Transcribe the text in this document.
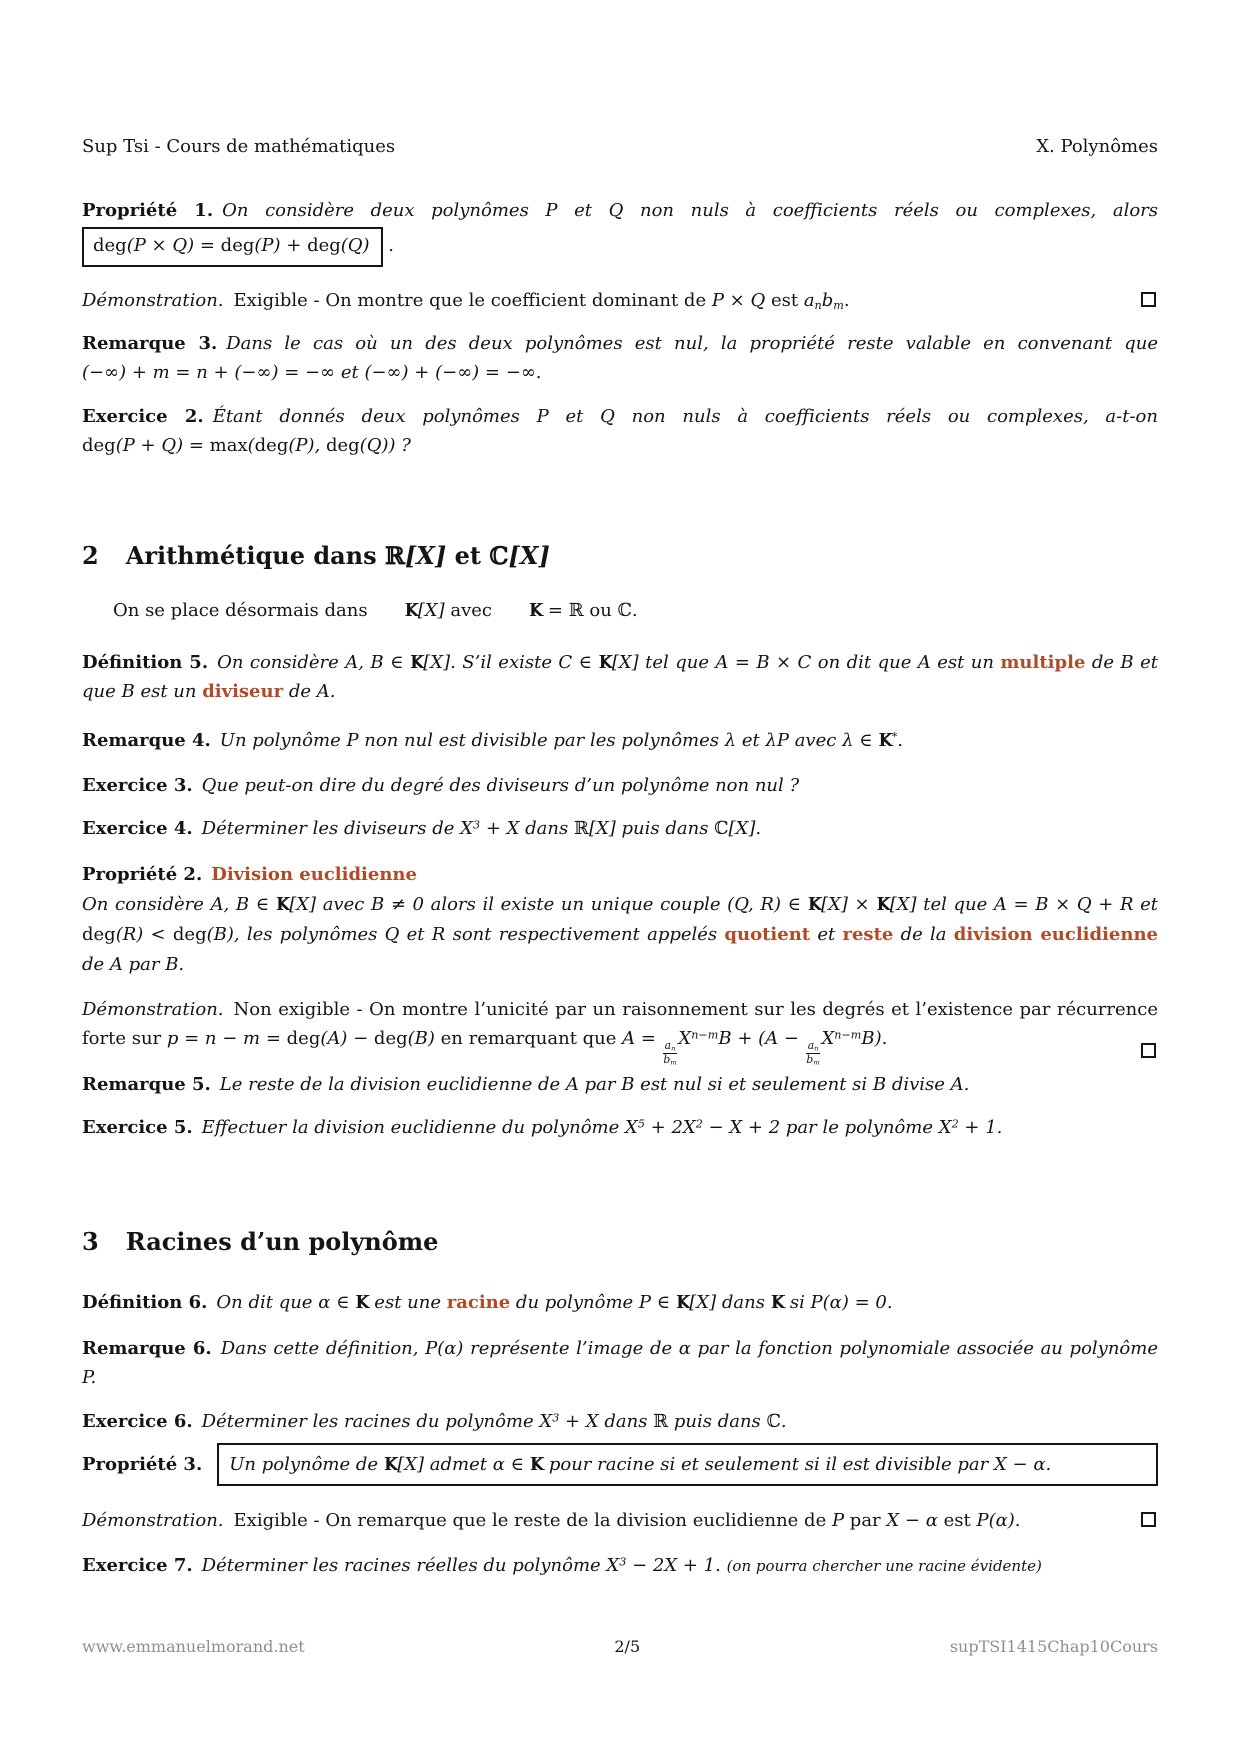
Sup Tsi - Cours de mathématiques	X. Polynômes
Propriété 1. On considère deux polynômes P et Q non nuls à coefficients réels ou complexes, alors deg(P × Q) = deg(P) + deg(Q) .
Démonstration. Exigible - On montre que le coefficient dominant de P × Q est $a_nb_m$.
Remarque 3. Dans le cas où un des deux polynômes est nul, la propriété reste valable en convenant que (−∞) + m = n + (−∞) = −∞ et (−∞) + (−∞) = −∞.
Exercice 2. Étant donnés deux polynômes P et Q non nuls à coefficients réels ou complexes, a-t-on deg(P + Q) = max(deg(P), deg(Q)) ?
2 Arithmétique dans ℝ[X] et ℂ[X]
On se place désormais dans K K[X] avec K K = ℝ ou ℂ.
Définition 5. On considère A, B ∈ K K[X]. S’il existe C ∈ K K[X] tel que A = B × C on dit que A est un multiple de B et que B est un diviseur de A.
Remarque 4. Un polynôme P non nul est divisible par les polynômes λ et λP avec λ ∈ K K*.
Exercice 3. Que peut-on dire du degré des diviseurs d’un polynôme non nul ?
Exercice 4. Déterminer les diviseurs de $X^3 + X$ dans ℝ[X] puis dans ℂ[X].
Propriété 2. Division euclidienne
On considère A, B ∈ K K[X] avec B ≠ 0 alors il existe un unique couple (Q, R) ∈ K K[X] × K K[X] tel que A = B × Q + R et deg(R) < deg(B), les polynômes Q et R sont respectivement appelés quotient et reste de la division euclidienne de A par B.
Démonstration. Non exigible - On montre l’unicité par un raisonnement sur les degrés et l’existence par récurrence forte sur p = n − m = deg(A) − deg(B) en remarquant que A =
$\frac{a_n}{b_m}$
$X^{n-m}B + (A$ −
$\frac{a_n}{b_m}$
$X^{n-m}B$).
Remarque 5. Le reste de la division euclidienne de A par B est nul si et seulement si B divise A.
Exercice 5. Effectuer la division euclidienne du polynôme $X^5 + 2X^2 - X + 2$ par le polynôme $X^2 + 1$.
3 Racines d’un polynôme
Définition 6. On dit que α ∈ K K est une racine du polynôme P ∈ K K[X] dans K K si P(α) = 0.
Remarque 6. Dans cette définition, P(α) représente l’image de α par la fonction polynomiale associée au polynôme P.
Exercice 6. Déterminer les racines du polynôme $X^3 + X$ dans ℝ puis dans ℂ.
Propriété 3.	Un polynôme de K K[X] admet α ∈ K K pour racine si et seulement si il est divisible par X − α.
Démonstration. Exigible - On remarque que le reste de la division euclidienne de P par X − α est P(α).
Exercice 7. Déterminer les racines réelles du polynôme $X^3 - 2X + 1$. (on pourra chercher une racine évidente)
www.emmanuelmorand.net	2/5	supTSI1415Chap10Cours
